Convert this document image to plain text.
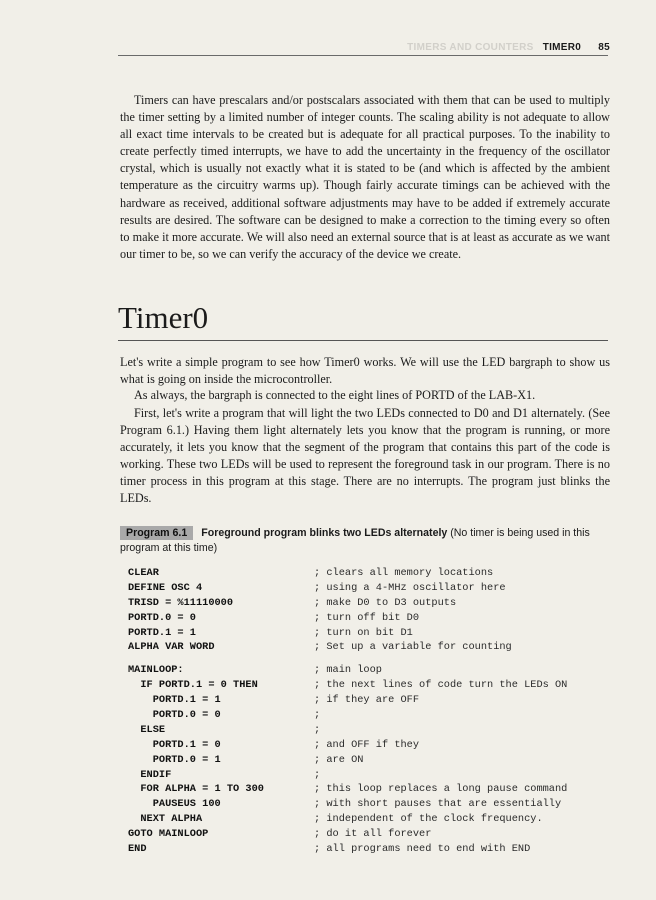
TIMERS AND COUNTERS TIMER0 85

Timers can have prescalars and/or postscalars associated with them that can be used to multiply the timer setting by a limited number of integer counts. The scaling ability is not adequate to allow all exact time intervals to be created but is adequate for all practical purposes. To the inability to create perfectly timed interrupts, we have to add the uncertainty in the frequency of the oscillator crystal, which is usually not exactly what it is stated to be (and which is affected by the ambient temperature as the circuitry warms up). Though fairly accurate timings can be achieved with the hardware as received, additional software adjustments may have to be added if extremely accurate results are desired. The software can be designed to make a correction to the timing every so often to make it more accurate. We will also need an external source that is at least as accurate as we want our timer to be, so we can verify the accuracy of the device we create.

Timer0

Let's write a simple program to see how Timer0 works. We will use the LED bargraph to show us what is going on inside the microcontroller.

As always, the bargraph is connected to the eight lines of PORTD of the LAB-X1.

First, let's write a program that will light the two LEDs connected to D0 and D1 alternately. (See Program 6.1.) Having them light alternately lets you know that the program is running, or more accurately, it lets you know that the segment of the program that contains this part of the code is working. These two LEDs will be used to represent the foreground task in our program. There is no timer process in this program at this stage. There are no interrupts. The program just blinks the LEDs.

Program 6.1 Foreground program blinks two LEDs alternately (No timer is being used in this program at this time)
CLEAR	; clears all memory locations
DEFINE OSC 4	; using a 4-MHz oscillator here
TRISD = %11110000	; make D0 to D3 outputs
PORTD.0 = 0	; turn off bit D0
PORTD.1 = 1	; turn on bit D1
ALPHA VAR WORD	; Set up a variable for counting
MAINLOOP:	; main loop
IF PORTD.1 = 0 THEN	; the next lines of code turn the LEDs ON
PORTD.1 = 1	; if they are OFF
PORTD.0 = 0	;
ELSE	;
PORTD.1 = 0	; and OFF if they
PORTD.0 = 1	; are ON
ENDIF	;
FOR ALPHA = 1 TO 300	; this loop replaces a long pause command
PAUSEUS 100	; with short pauses that are essentially
NEXT ALPHA	; independent of the clock frequency.
GOTO MAINLOOP	; do it all forever
END	; all programs need to end with END
